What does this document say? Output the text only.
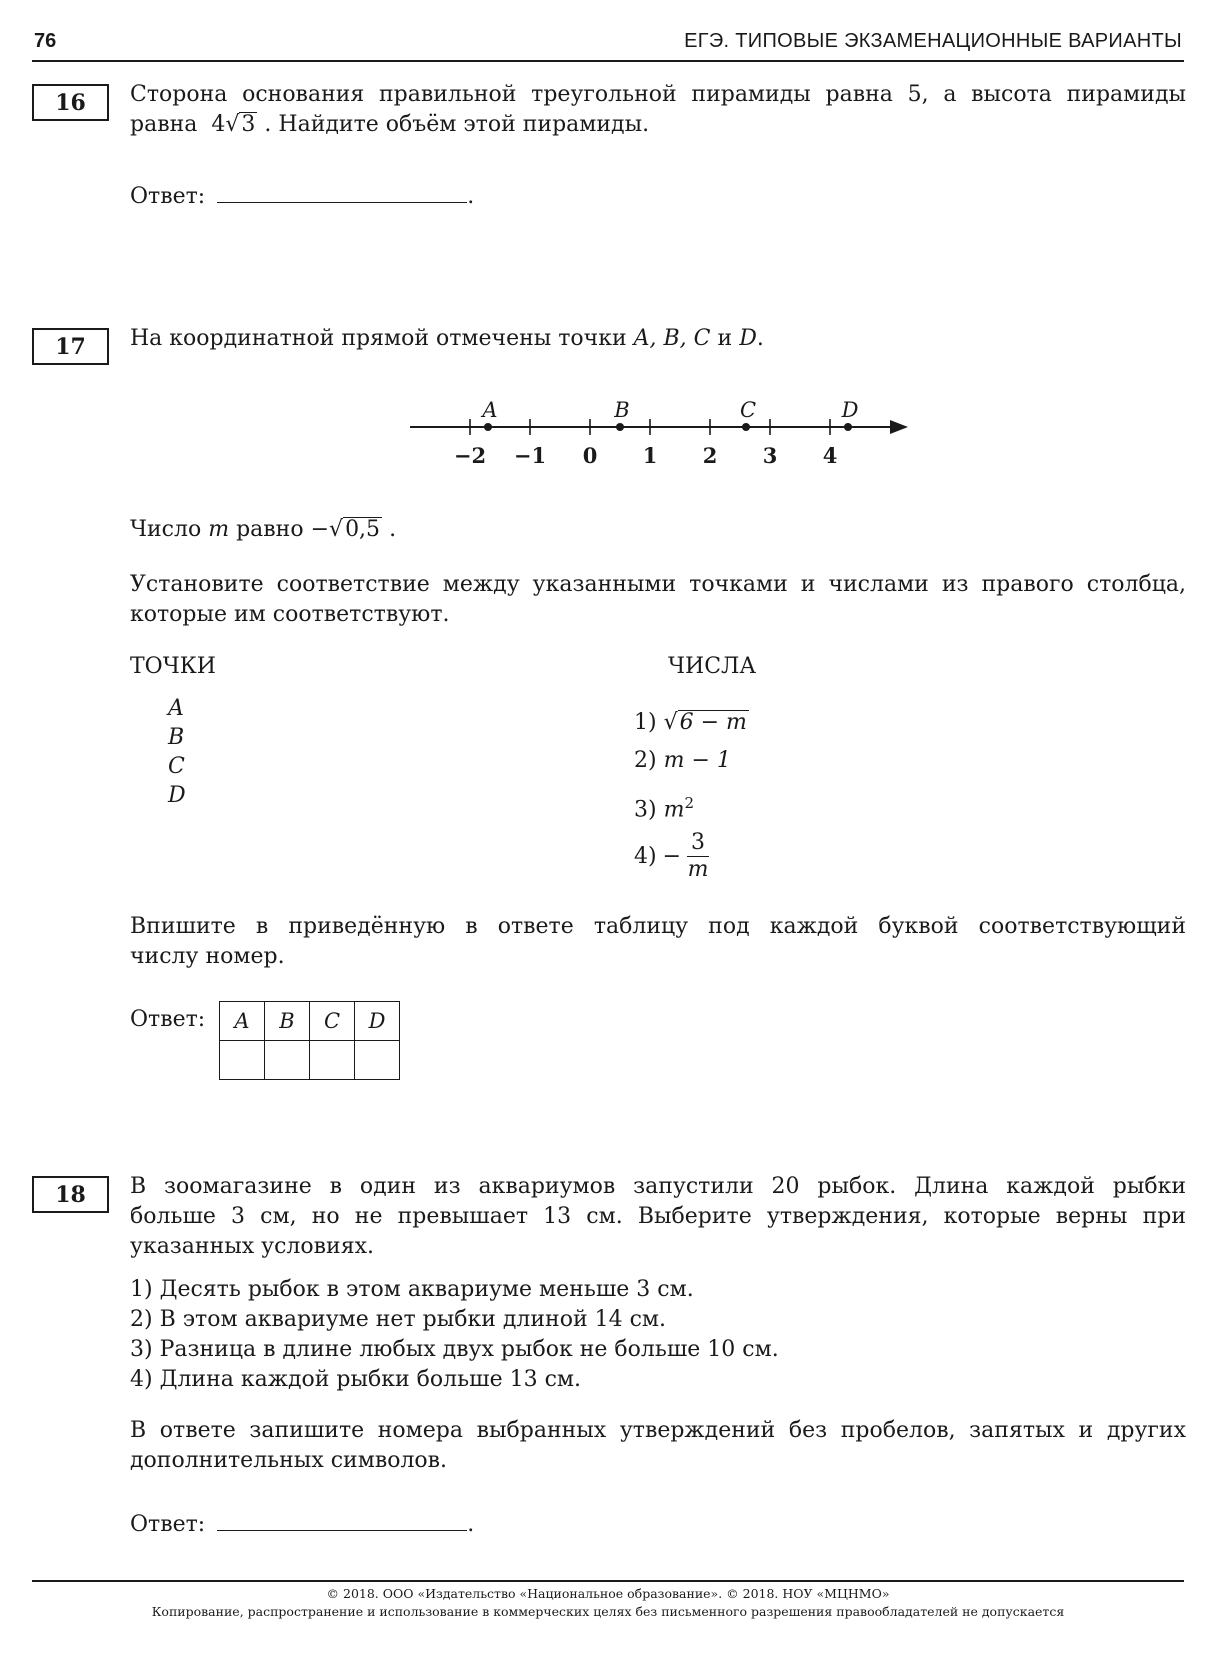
76	ЕГЭ. ТИПОВЫЕ ЭКЗАМЕНАЦИОННЫЕ ВАРИАНТЫ
16	Сторона основания правильной треугольной пирамиды равна 5, а высота пирамиды
равна 4√3 . Найдите объём этой пирамиды.
Ответ:	.
17	На координатной прямой отмечены точки A, B, C и D.
−2 −1 0 1 2 3 4
A	B	C	D
Число m равно −√0,5 .
Установите соответствие между указанными точками и числами из правого столбца,
которые им соответствуют.
ТОЧКИ	ЧИСЛА
A
B
C
D
1) √6 − m
2) m − 1
3) $m^2$
$4) - \frac{3}{m}$
Впишите в приведённую в ответе таблицу под каждой буквой соответствующий
числу номер.
Ответ: A	B	C	D

18	В зоомагазине в один из аквариумов запустили 20 рыбок. Длина каждой рыбки
больше 3 см, но не превышает 13 см. Выберите утверждения, которые верны при
указанных условиях.
1) Десять рыбок в этом аквариуме меньше 3 см.
2) В этом аквариуме нет рыбки длиной 14 см.
3) Разница в длине любых двух рыбок не больше 10 см.
4) Длина каждой рыбки больше 13 см.
В ответе запишите номера выбранных утверждений без пробелов, запятых и других
дополнительных символов.
Ответ:	.
© 2018. ООО «Издательство «Национальное образование». © 2018. НОУ «МЦНМО»
Копирование, распространение и использование в коммерческих целях без письменного разрешения правообладателей не допускается
